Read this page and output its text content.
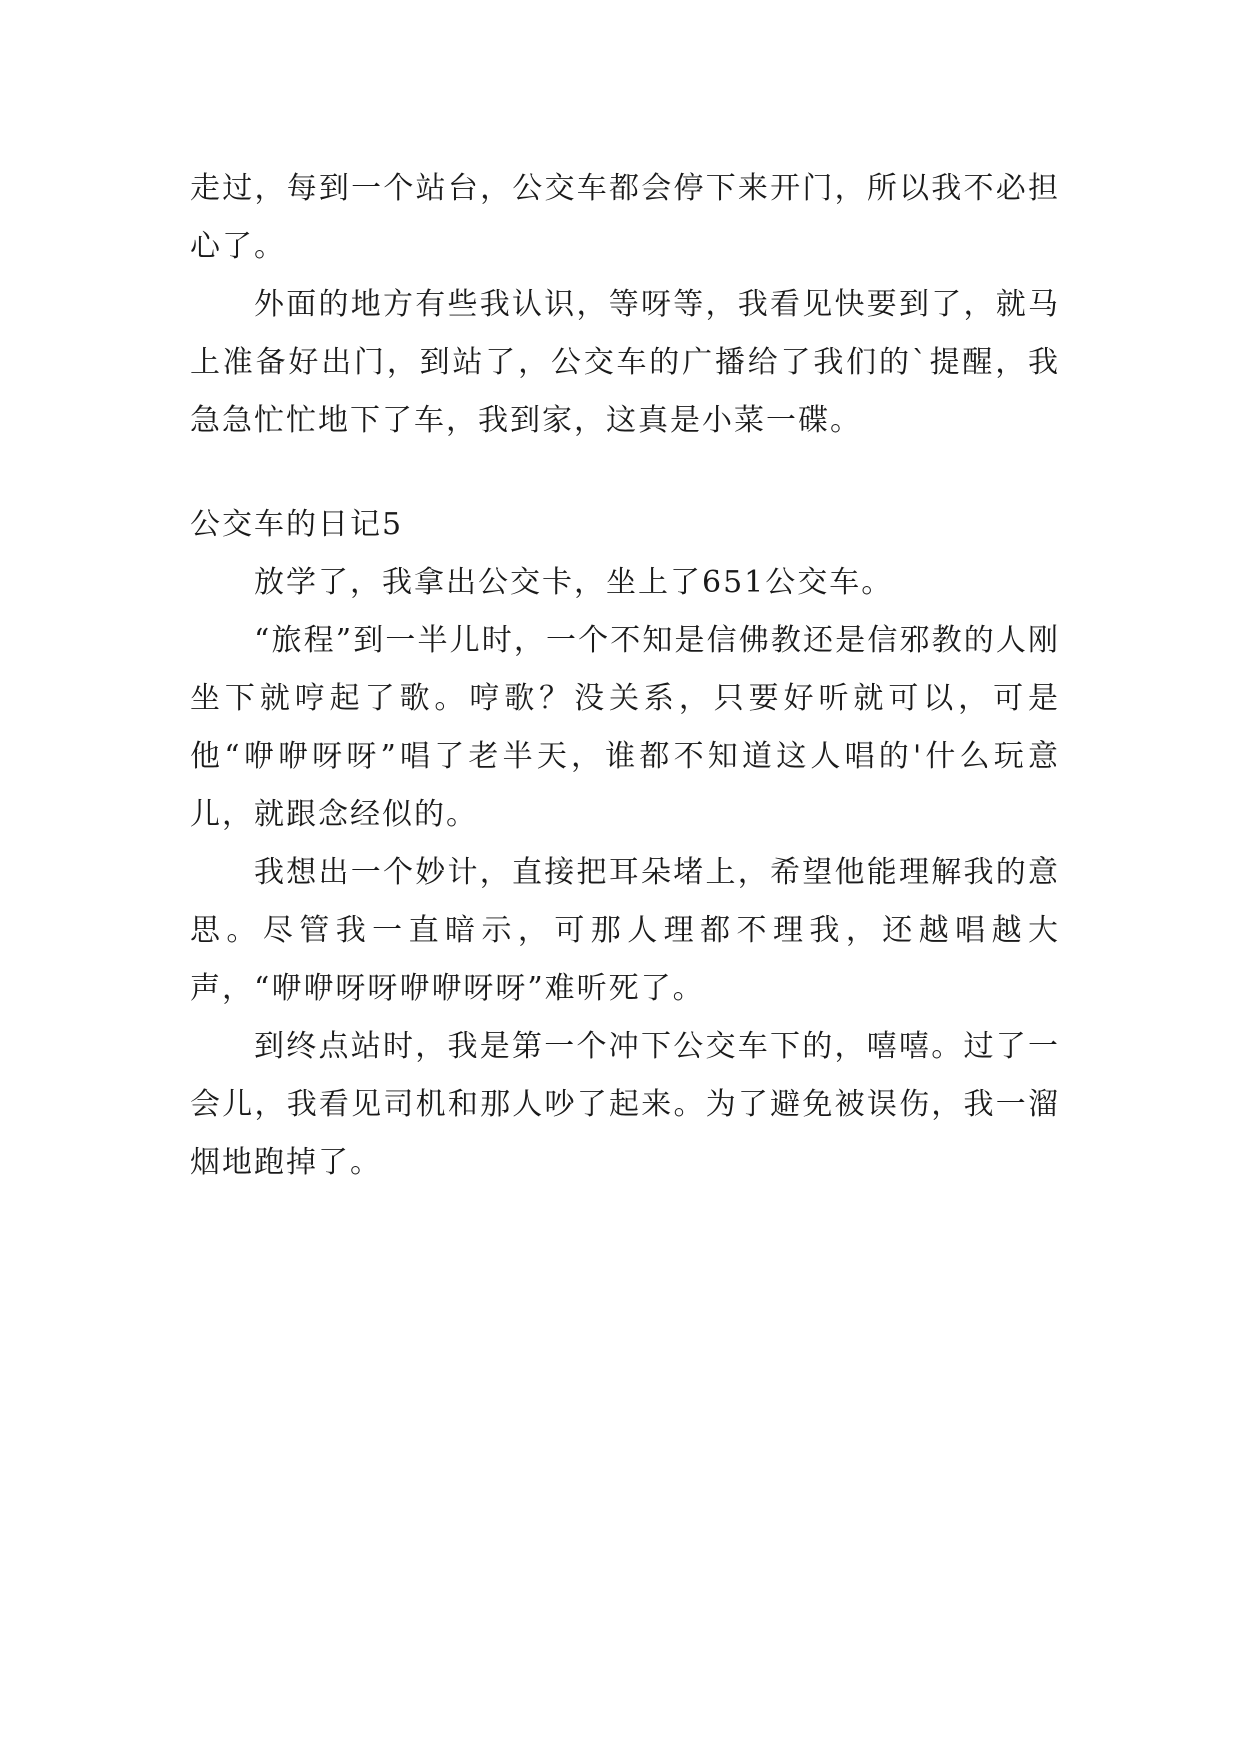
走过，每到一个站台，公交车都会停下来开门，所以我不必担心了。

外面的地方有些我认识，等呀等，我看见快要到了，就马上准备好出门，到站了，公交车的广播给了我们的`提醒，我急急忙忙地下了车，我到家，这真是小菜一碟。

公交车的日记5

放学了，我拿出公交卡，坐上了651公交车。

“旅程”到一半儿时，一个不知是信佛教还是信邪教的人刚坐下就哼起了歌。哼歌？没关系，只要好听就可以，可是他“咿咿呀呀”唱了老半天，谁都不知道这人唱的'什么玩意儿，就跟念经似的。

我想出一个妙计，直接把耳朵堵上，希望他能理解我的意思。尽管我一直暗示，可那人理都不理我，还越唱越大声，“咿咿呀呀咿咿呀呀”难听死了。

到终点站时，我是第一个冲下公交车下的，嘻嘻。过了一会儿，我看见司机和那人吵了起来。为了避免被误伤，我一溜烟地跑掉了。
